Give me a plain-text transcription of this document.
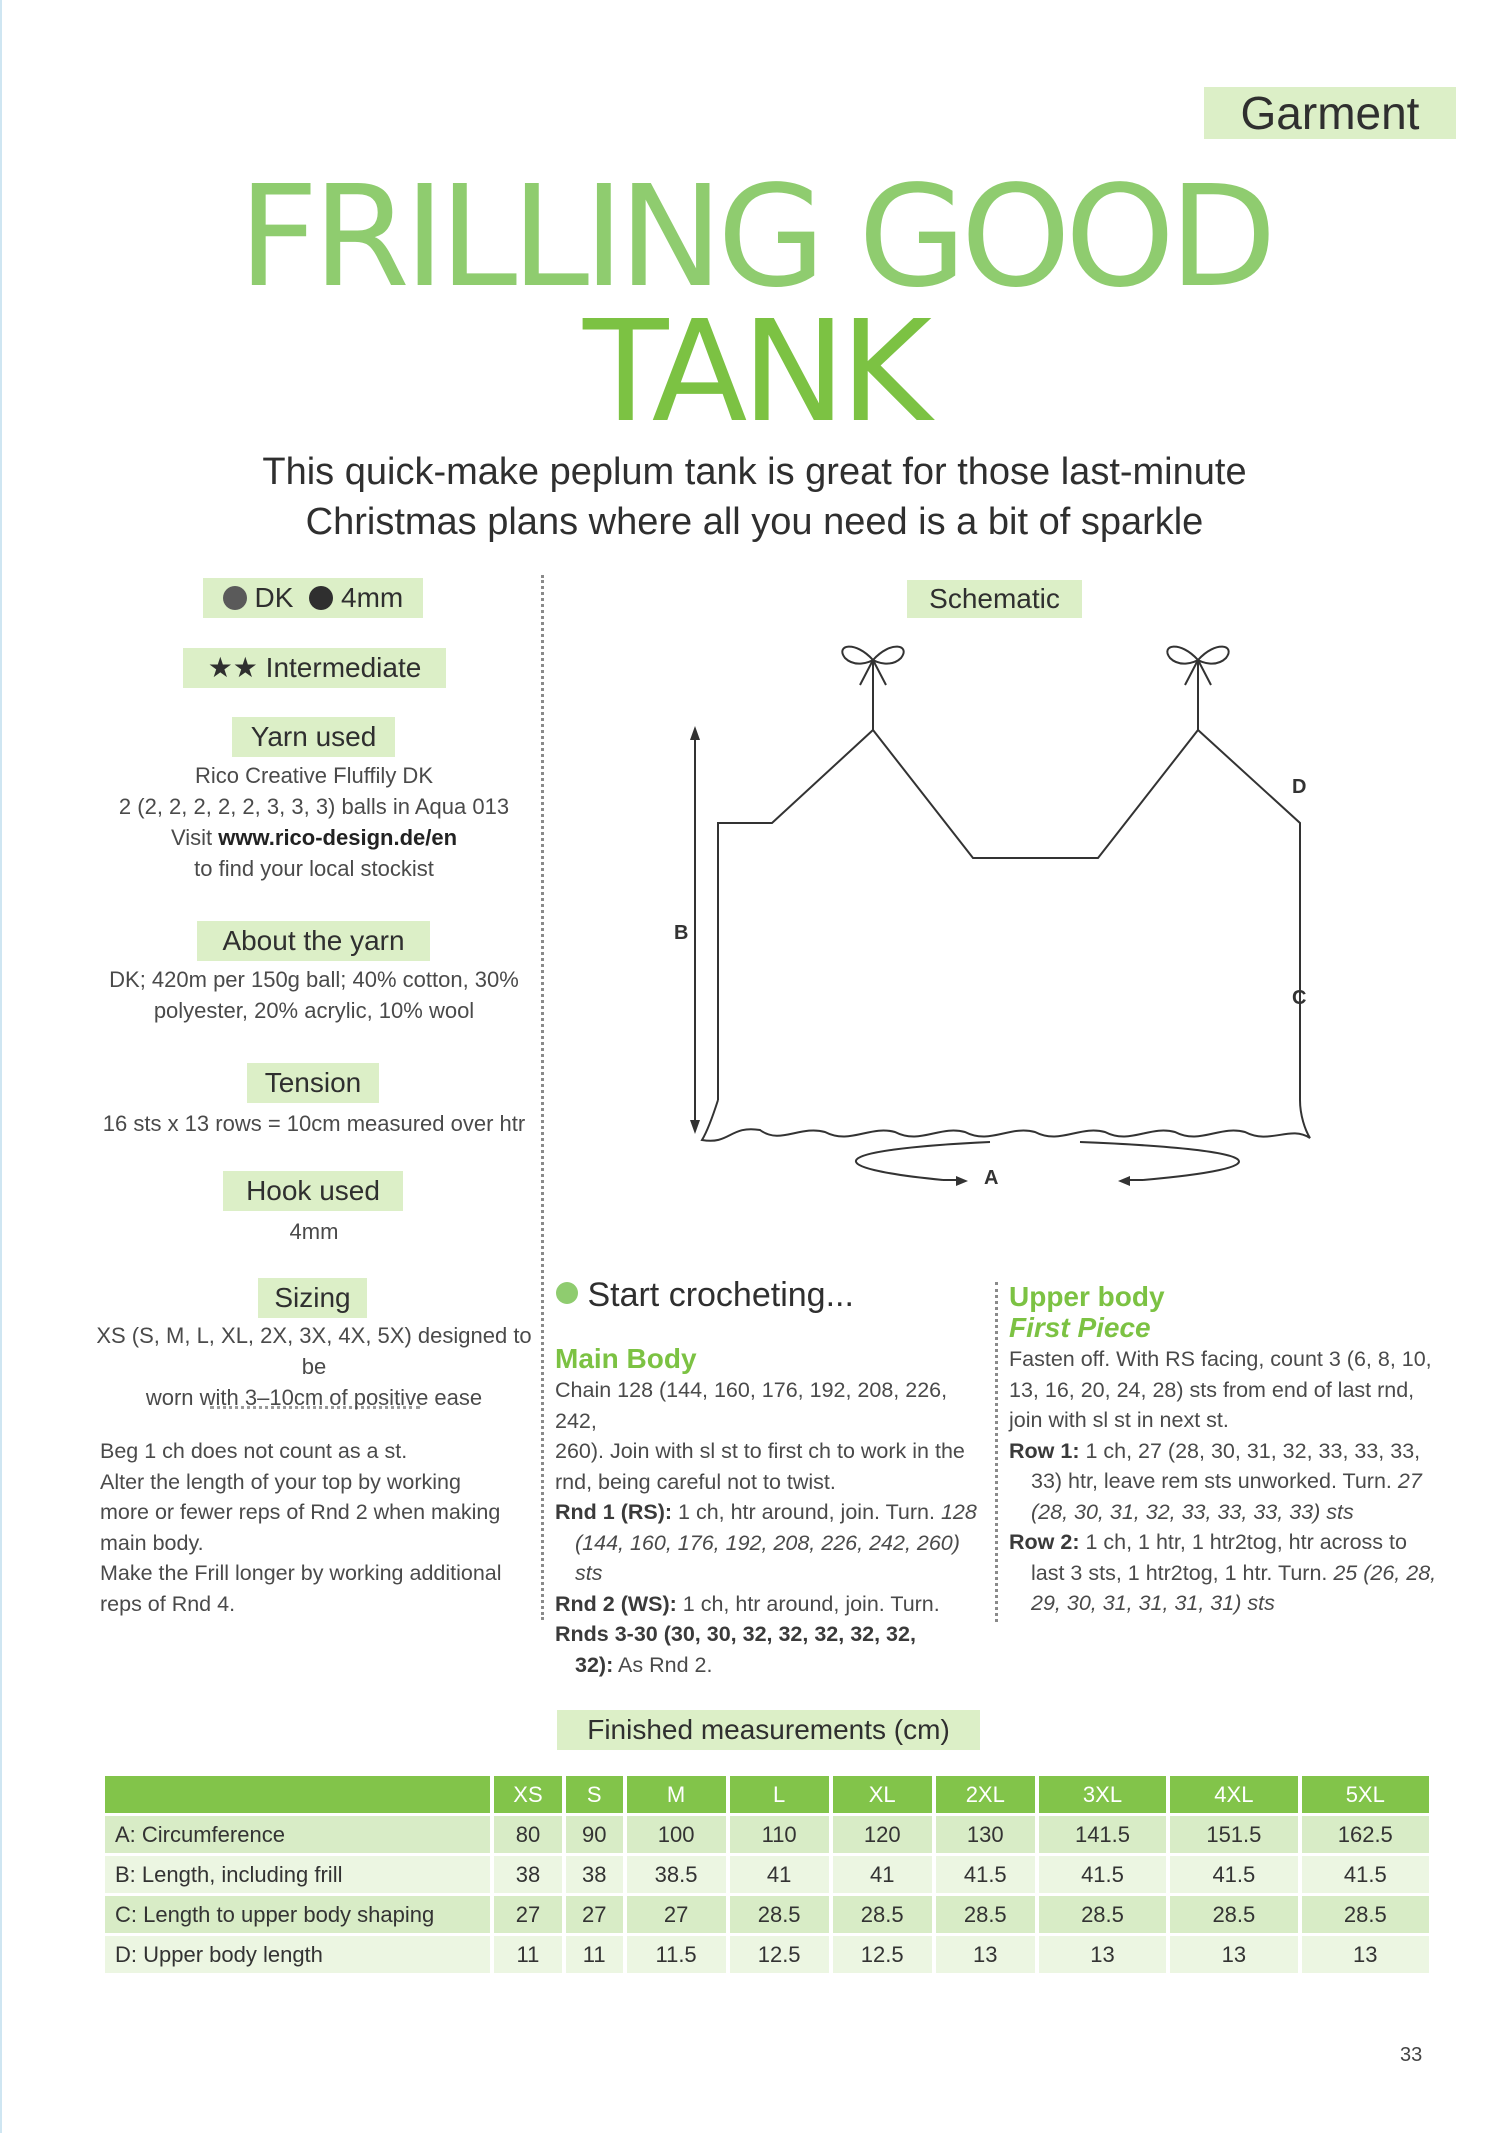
Garment
FRILLING GOOD
TANK
This quick-make peplum tank is great for those last-minute
Christmas plans where all you need is a bit of sparkle
DK 4mm
★★ Intermediate
Yarn used
Rico Creative Fluffily DK
2 (2, 2, 2, 2, 2, 3, 3, 3) balls in Aqua 013
Visit www.rico-design.de/en
to find your local stockist
About the yarn
DK; 420m per 150g ball; 40% cotton, 30%
polyester, 20% acrylic, 10% wool
Tension
16 sts x 13 rows = 10cm measured over htr
Hook used
4mm
Sizing
XS (S, M, L, XL, 2X, 3X, 4X, 5X) designed to be
worn with 3–10cm of positive ease
Beg 1 ch does not count as a st.
Alter the length of your top by working
more or fewer reps of Rnd 2 when making
main body.
Make the Frill longer by working additional
reps of Rnd 4.
Schematic
B
D
C
A
Start crocheting...
Main Body
Chain 128 (144, 160, 176, 192, 208, 226, 242,
260). Join with sl st to first ch to work in the
rnd, being careful not to twist.
Rnd 1 (RS): 1 ch, htr around, join. Turn. 128
(144, 160, 176, 192, 208, 226, 242, 260) sts
Rnd 2 (WS): 1 ch, htr around, join. Turn.
Rnds 3-30 (30, 30, 32, 32, 32, 32, 32,
32): As Rnd 2.
Upper body
First Piece
Fasten off. With RS facing, count 3 (6, 8, 10,
13, 16, 20, 24, 28) sts from end of last rnd,
join with sl st in next st.
Row 1: 1 ch, 27 (28, 30, 31, 32, 33, 33, 33,
33) htr, leave rem sts unworked. Turn. 27
(28, 30, 31, 32, 33, 33, 33, 33) sts
Row 2: 1 ch, 1 htr, 1 htr2tog, htr across to
last 3 sts, 1 htr2tog, 1 htr. Turn. 25 (26, 28,
29, 30, 31, 31, 31, 31) sts
Finished measurements (cm)
	XS	S	M	L	XL	2XL	3XL	4XL	5XL
A: Circumference	80	90	100	110	120	130	141.5	151.5	162.5
B: Length, including frill	38	38	38.5	41	41	41.5	41.5	41.5	41.5
C: Length to upper body shaping	27	27	27	28.5	28.5	28.5	28.5	28.5	28.5
D: Upper body length	11	11	11.5	12.5	12.5	13	13	13	13
33
